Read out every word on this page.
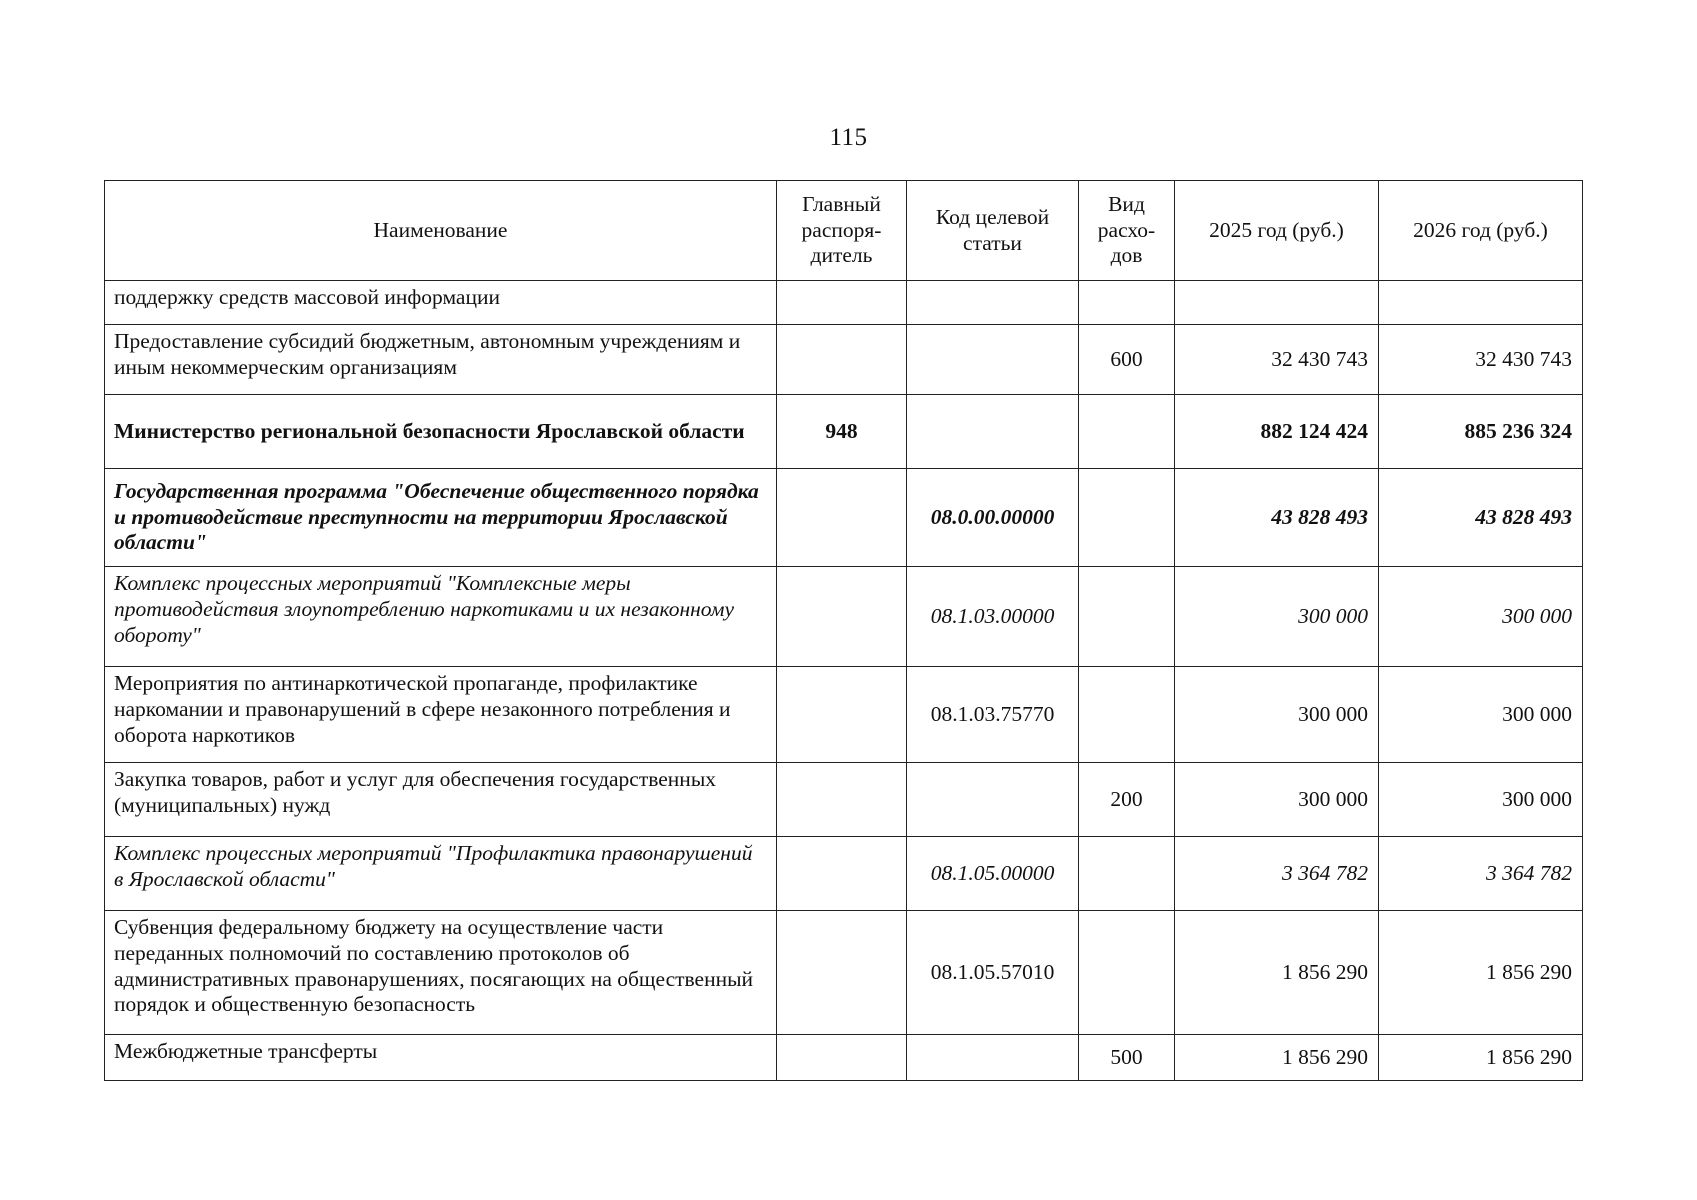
115
Наименование	Главный распоря-дитель	Код целевой статьи	Вид расхо-дов	2025 год (руб.)	2026 год (руб.)
поддержку средств массовой информации					
Предоставление субсидий бюджетным, автономным учреждениям и иным некоммерческим организациям			600	32 430 743	32 430 743
Министерство региональной безопасности Ярославской области	948			882 124 424	885 236 324
Государственная программа "Обеспечение общественного порядка и противодействие преступности на территории Ярославской области"		08.0.00.00000		43 828 493	43 828 493
Комплекс процессных мероприятий "Комплексные меры противодействия злоупотреблению наркотиками и их незаконному обороту"		08.1.03.00000		300 000	300 000
Мероприятия по антинаркотической пропаганде, профилактике наркомании и правонарушений в сфере незаконного потребления и оборота наркотиков		08.1.03.75770		300 000	300 000
Закупка товаров, работ и услуг для обеспечения государственных (муниципальных) нужд			200	300 000	300 000
Комплекс процессных мероприятий "Профилактика правонарушений в Ярославской области"		08.1.05.00000		3 364 782	3 364 782
Субвенция федеральному бюджету на осуществление части переданных полномочий по составлению протоколов об административных правонарушениях, посягающих на общественный порядок и общественную безопасность		08.1.05.57010		1 856 290	1 856 290
Межбюджетные трансферты			500	1 856 290	1 856 290
